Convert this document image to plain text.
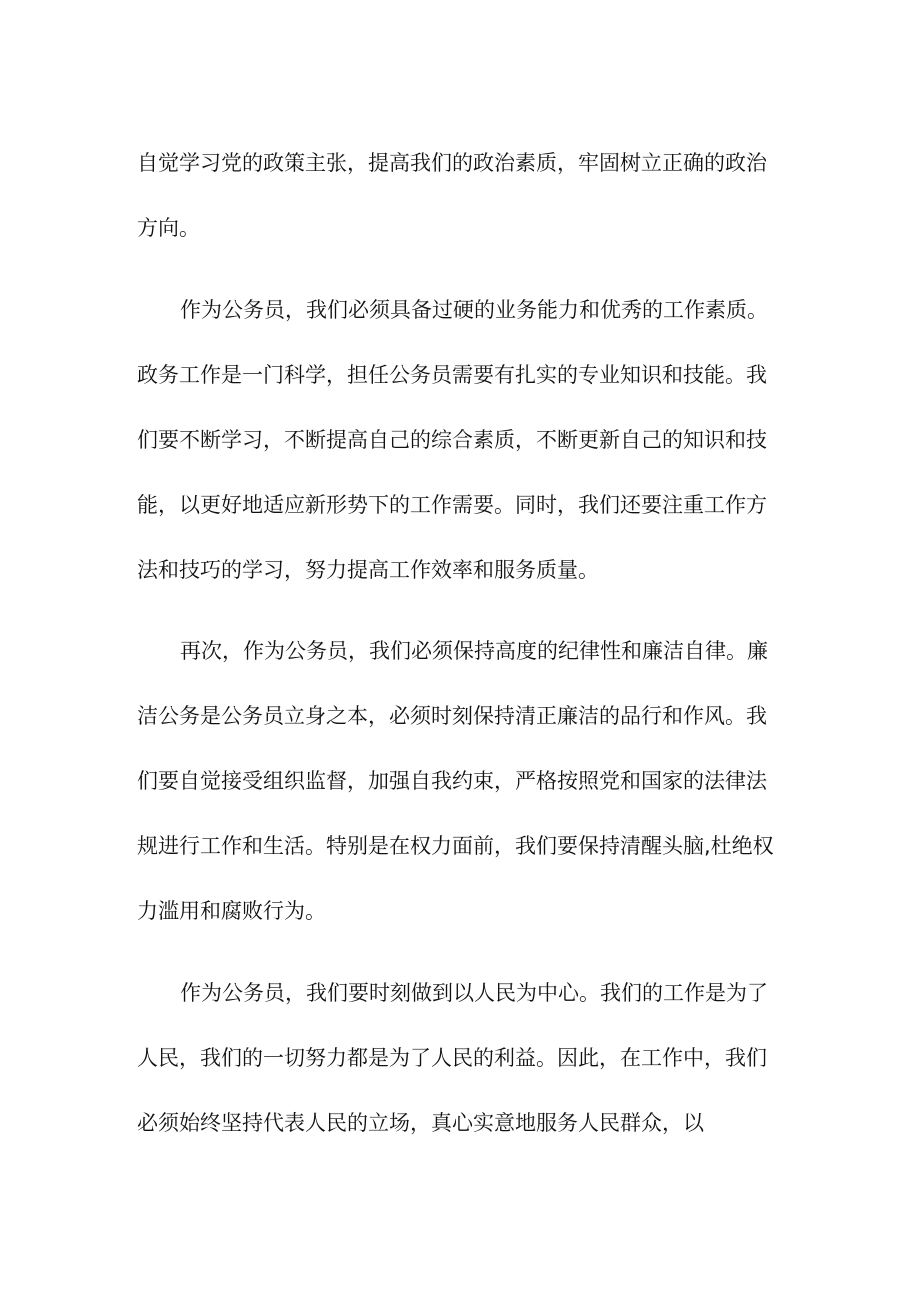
自觉学习党的政策主张，提高我们的政治素质，牢固树立正确的政治

方向。

作为公务员，我们必须具备过硬的业务能力和优秀的工作素质。

政务工作是一门科学，担任公务员需要有扎实的专业知识和技能。我

们要不断学习，不断提高自己的综合素质，不断更新自己的知识和技

能，以更好地适应新形势下的工作需要。同时，我们还要注重工作方

法和技巧的学习，努力提高工作效率和服务质量。

再次，作为公务员，我们必须保持高度的纪律性和廉洁自律。廉

洁公务是公务员立身之本，必须时刻保持清正廉洁的品行和作风。我

们要自觉接受组织监督，加强自我约束，严格按照党和国家的法律法

规进行工作和生活。特别是在权力面前，我们要保持清醒头脑,杜绝权

力滥用和腐败行为。

作为公务员，我们要时刻做到以人民为中心。我们的工作是为了

人民，我们的一切努力都是为了人民的利益。因此，在工作中，我们

必须始终坚持代表人民的立场，真心实意地服务人民群众，以
